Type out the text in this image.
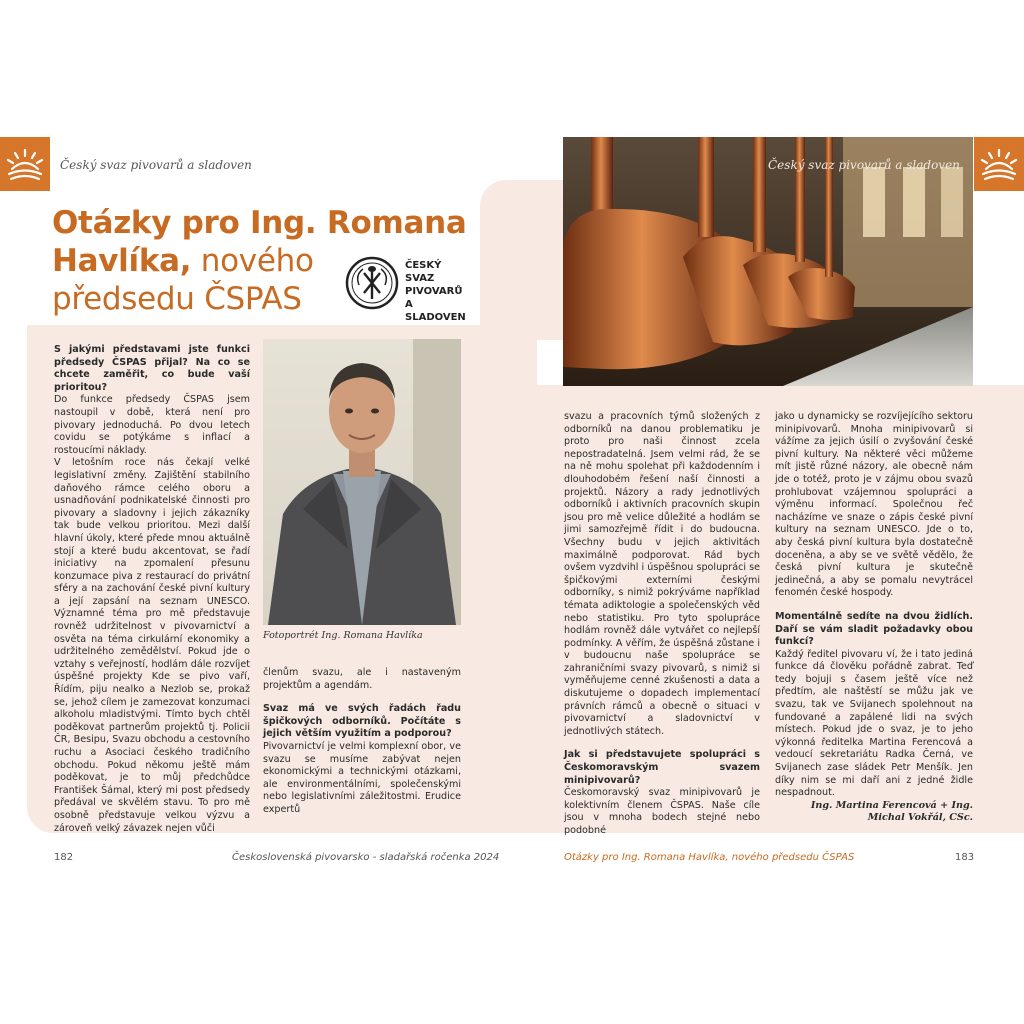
Český svaz pivovarů a sladoven
Otázky pro Ing. Romana
Havlíka, nového
předsedu ČSPAS
ČESKÝ SVAZ
PIVOVARŮ
A SLADOVEN

S jakými představami jste funkci předsedy ČSPAS přijal? Na co se chcete zaměřit, co bude vaší prioritou?

Do funkce předsedy ČSPAS jsem nastoupil v době, která není pro pivovary jednoduchá. Po dvou letech covidu se potýkáme s inflací a rostoucími náklady.

V letošním roce nás čekají velké legislativní změny. Zajištění stabilního daňového rámce celého oboru a usnadňování podnikatelské činnosti pro pivovary a sladovny i jejich zákazníky tak bude velkou prioritou. Mezi další hlavní úkoly, které přede mnou aktuálně stojí a které budu akcentovat, se řadí iniciativy na zpomalení přesunu konzumace piva z restaurací do privátní sféry a na zachování české pivní kultury a její zapsání na seznam UNESCO. Významné téma pro mě představuje rovněž udržitelnost v pivovarnictví a osvěta na téma cirkulární ekonomiky a udržitelného zemědělství. Pokud jde o vztahy s veřejností, hodlám dále rozvíjet úspěšné projekty Kde se pivo vaří, Řídím, piju nealko a Nezlob se, prokaž se, jehož cílem je zamezovat konzumaci alkoholu mladistvými. Tímto bych chtěl poděkovat partnerům projektů tj. Policii ČR, Besipu, Svazu obchodu a cestovního ruchu a Asociaci českého tradičního obchodu. Pokud někomu ještě mám poděkovat, je to můj předchůdce František Šámal, který mi post předsedy předával ve skvělém stavu. To pro mě osobně představuje velkou výzvu a zároveň velký závazek nejen vůči

Fotoportrét Ing. Romana Havlíka

členům svazu, ale i nastaveným projektům a agendám.

Svaz má ve svých řadách řadu špičkových odborníků. Počítáte s jejich větším využitím a podporou?

Pivovarnictví je velmi komplexní obor, ve svazu se musíme zabývat nejen ekonomickými a technickými otázkami, ale environmentálními, společenskými nebo legislativními záležitostmi. Erudice expertů

Český svaz pivovarů a sladoven

svazu a pracovních týmů složených z odborníků na danou problematiku je proto pro naši činnost zcela nepostradatelná. Jsem velmi rád, že se na ně mohu spolehat při každodenním i dlouhodobém řešení naší činnosti a projektů. Názory a rady jednotlivých odborníků i aktivních pracovních skupin jsou pro mě velice důležité a hodlám se jimi samozřejmě řídit i do budoucna. Všechny budu v jejich aktivitách maximálně podporovat. Rád bych ovšem vyzdvihl i úspěšnou spolupráci se špičkovými externími českými odborníky, s nimiž pokrýváme například témata adiktologie a společenských věd nebo statistiku. Pro tyto spolupráce hodlám rovněž dále vytvářet co nejlepší podmínky. A věřím, že úspěšná zůstane i v budoucnu naše spolupráce se zahraničními svazy pivovarů, s nimiž si vyměňujeme cenné zkušenosti a data a diskutujeme o dopadech implementací právních rámců a obecně o situaci v pivovarnictví a sladovnictví v jednotlivých státech.

Jak si představujete spolupráci s Českomoravským svazem minipivovarů?

Českomoravský svaz minipivovarů je kolektivním členem ČSPAS. Naše cíle jsou v mnoha bodech stejné nebo podobné

jako u dynamicky se rozvíjejícího sektoru minipivovarů. Mnoha minipivovarů si vážíme za jejich úsilí o zvyšování české pivní kultury. Na některé věci můžeme mít jistě různé názory, ale obecně nám jde o totéž, proto je v zájmu obou svazů prohlubovat vzájemnou spolupráci a výměnu informací. Společnou řeč nacházíme ve snaze o zápis české pivní kultury na seznam UNESCO. Jde o to, aby česká pivní kultura byla dostatečně doceněna, a aby se ve světě vědělo, že česká pivní kultura je skutečně jedinečná, a aby se pomalu nevytrácel fenomén české hospody.

Momentálně sedíte na dvou židlích. Daří se vám sladit požadavky obou funkcí?

Každý ředitel pivovaru ví, že i tato jediná funkce dá člověku pořádně zabrat. Teď tedy bojuji s časem ještě více než předtím, ale naštěstí se můžu jak ve svazu, tak ve Svijanech spolehnout na fundované a zapálené lidi na svých místech. Pokud jde o svaz, je to jeho výkonná ředitelka Martina Ferencová a vedoucí sekretariátu Radka Černá, ve Svijanech zase sládek Petr Menšík. Jen díky nim se mi daří ani z jedné židle nespadnout.

Ing. Martina Ferencová + Ing. Michal Vokřál, CSc.

182	Československá pivovarsko - sladařská ročenka 2024	Otázky pro Ing. Romana Havlíka, nového předsedu ČSPAS	183
